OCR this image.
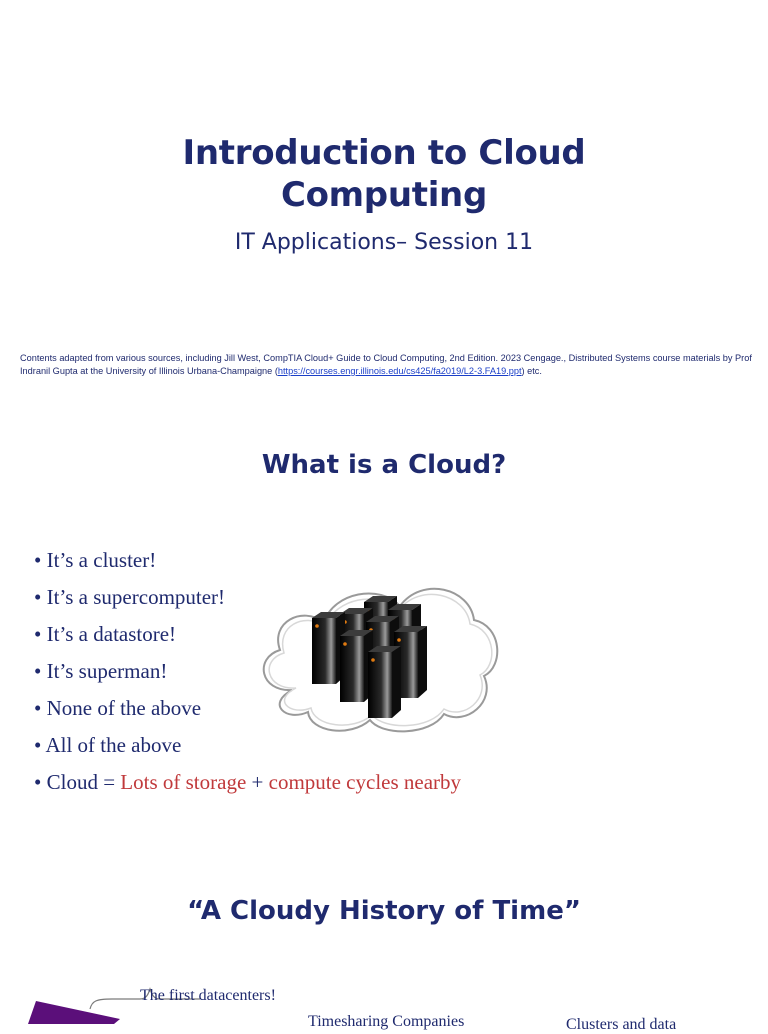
Introduction to Cloud
Computing
IT Applications– Session 11
Contents adapted from various sources, including Jill West, CompTIA Cloud+ Guide to Cloud Computing, 2nd Edition. 2023 Cengage., Distributed Systems course materials by Prof Indranil Gupta at the University of Illinois Urbana-Champaigne (https://courses.engr.illinois.edu/cs425/fa2019/L2-3.FA19.ppt) etc.
What is a Cloud?
• It’s a cluster!
• It’s a supercomputer!
• It’s a datastore!
• It’s superman!
• None of the above
• All of the above
• Cloud = Lots of storage + compute cycles nearby
“A Cloudy History of Time”
The first datacenters!
Timesharing Companies	Clusters and data
